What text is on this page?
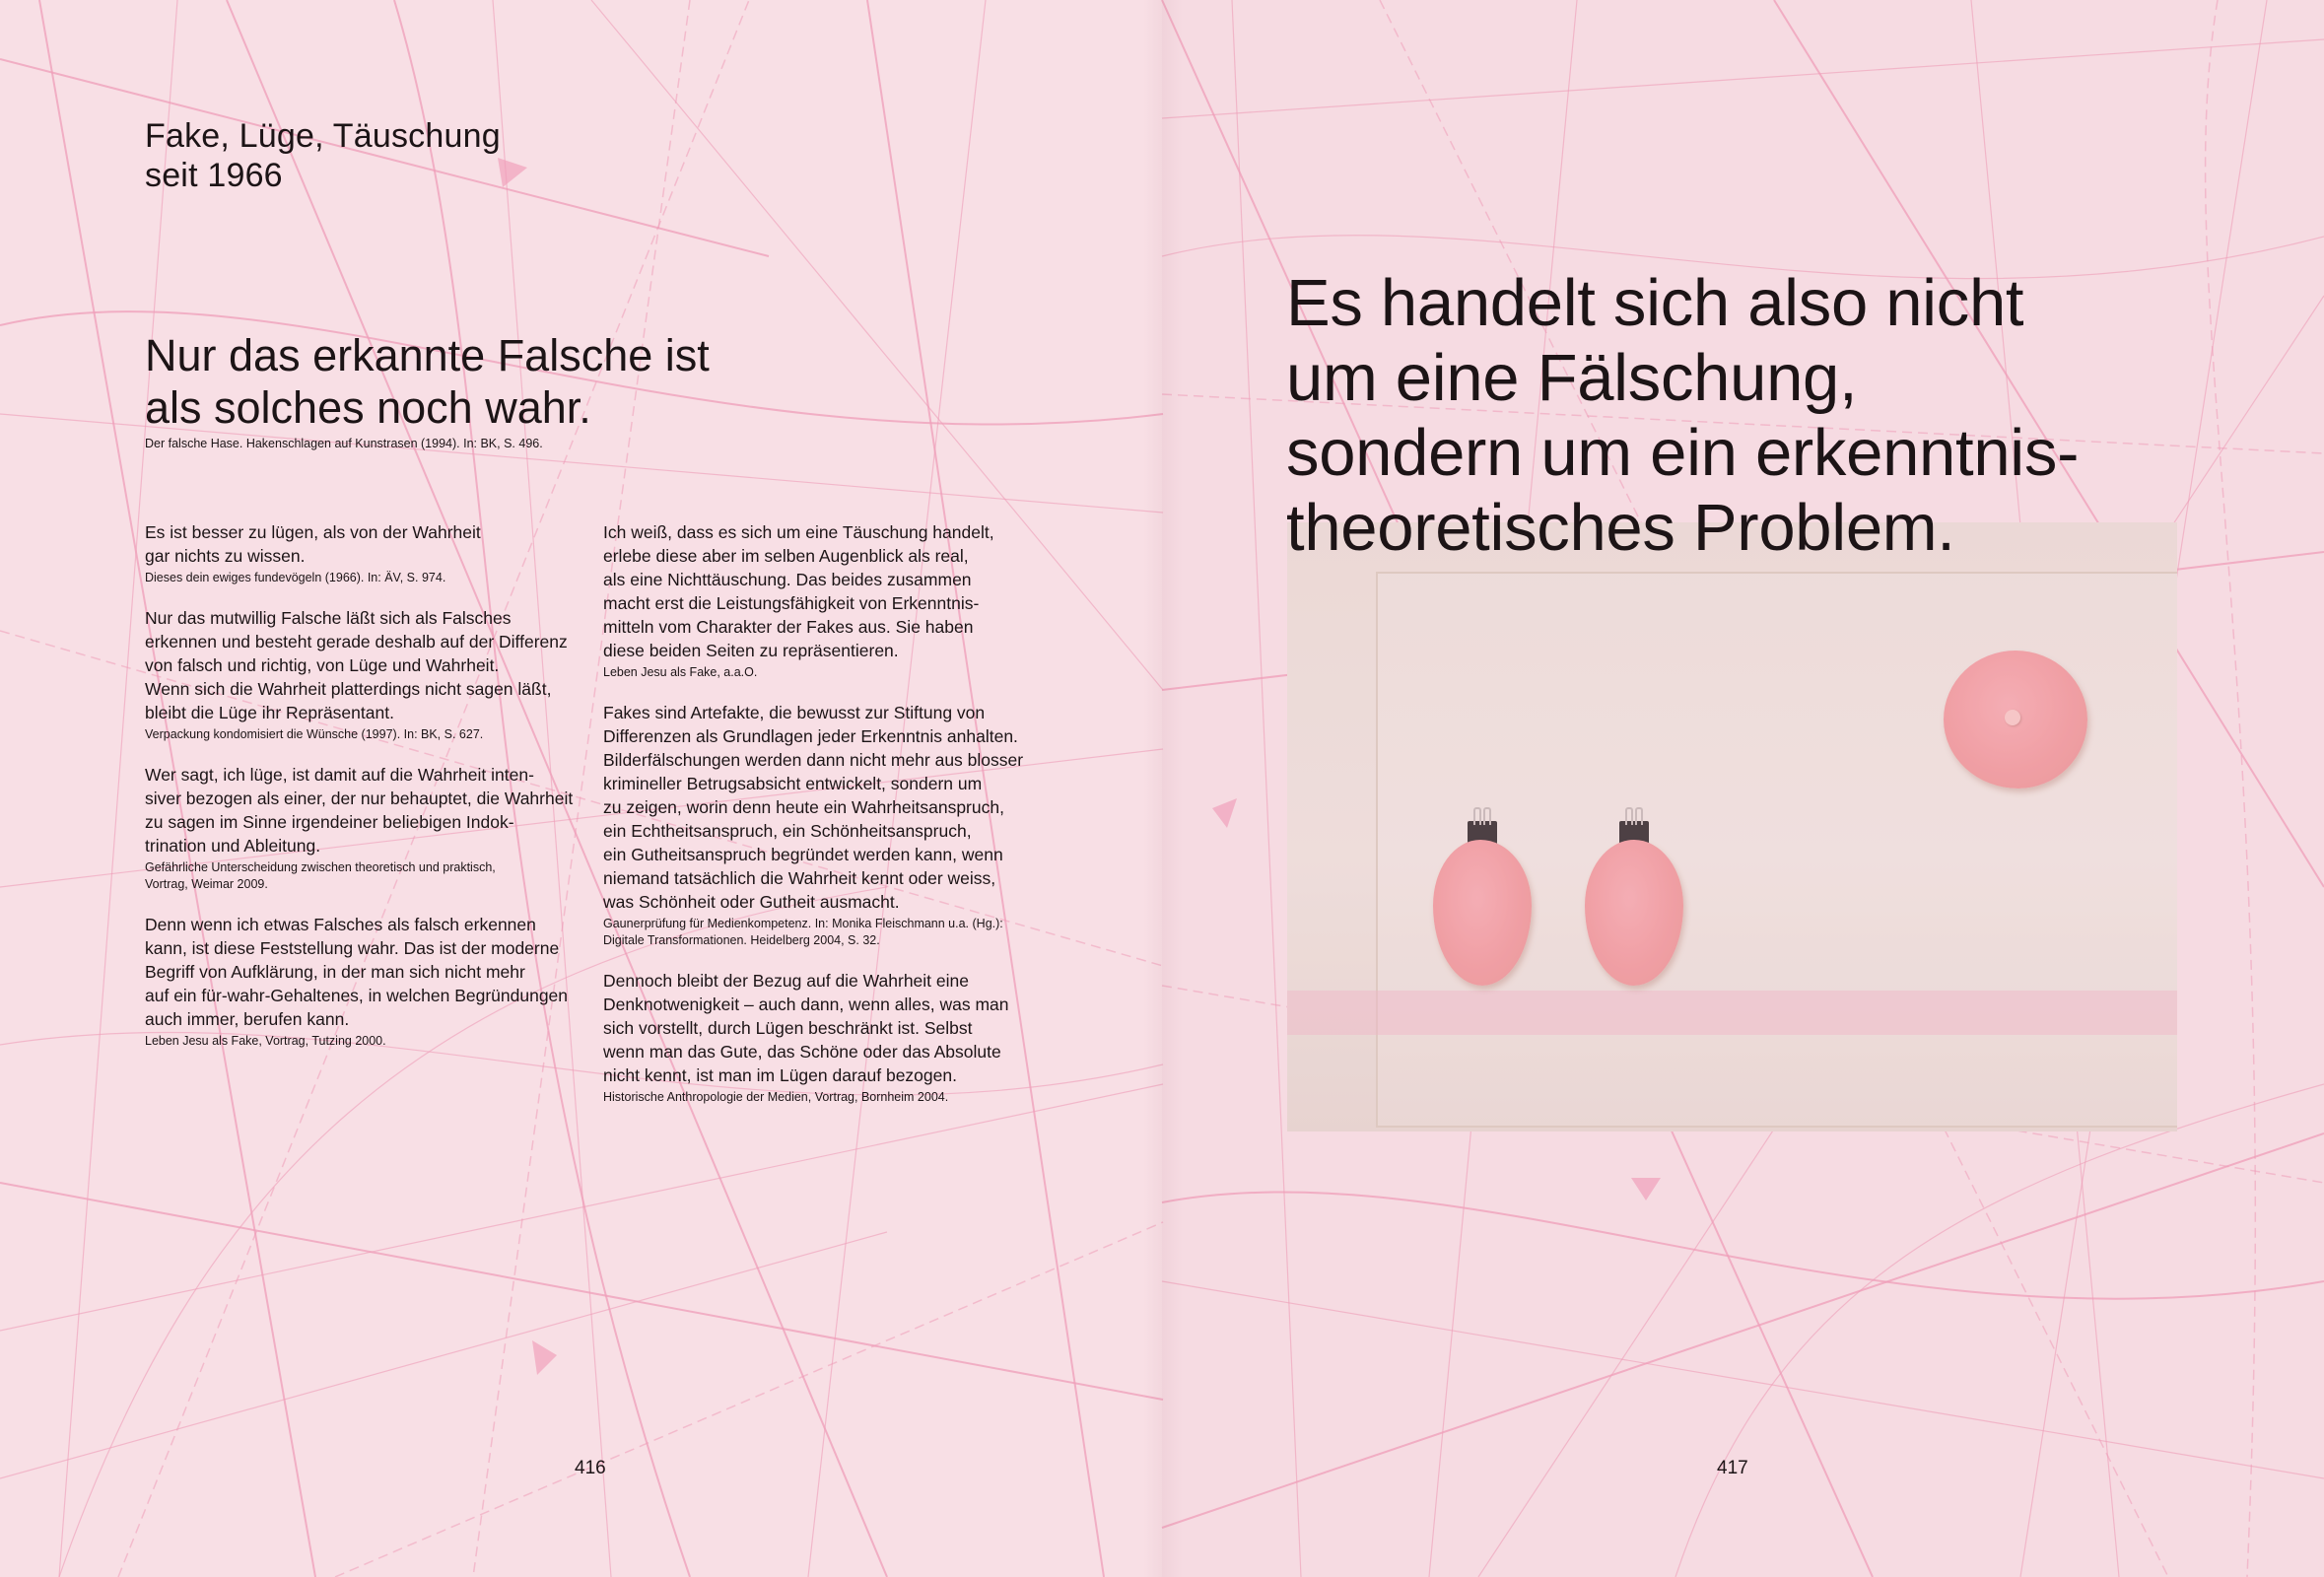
Fake, Lüge, Täuschung
seit 1966
Nur das erkannte Falsche ist
als solches noch wahr.
Der falsche Hase. Hakenschlagen auf Kunstrasen (1994). In: BK, S. 496.
Es ist besser zu lügen, als von der Wahrheit
gar nichts zu wissen.
Dieses dein ewiges fundevögeln (1966). In: ÄV, S. 974.
Nur das mutwillig Falsche läßt sich als Falsches
erkennen und besteht gerade deshalb auf der Differenz
von falsch und richtig, von Lüge und Wahrheit.
Wenn sich die Wahrheit platterdings nicht sagen läßt,
bleibt die Lüge ihr Repräsentant.
Verpackung kondomisiert die Wünsche (1997). In: BK, S. 627.
Wer sagt, ich lüge, ist damit auf die Wahrheit inten-
siver bezogen als einer, der nur behauptet, die Wahrheit
zu sagen im Sinne irgendeiner beliebigen Indok-
trination und Ableitung.
Gefährliche Unterscheidung zwischen theoretisch und praktisch,
Vortrag, Weimar 2009.
Denn wenn ich etwas Falsches als falsch erkennen
kann, ist diese Feststellung wahr. Das ist der moderne
Begriff von Aufklärung, in der man sich nicht mehr
auf ein für-wahr-Gehaltenes, in welchen Begründungen
auch immer, berufen kann.
Leben Jesu als Fake, Vortrag, Tutzing 2000.
Ich weiß, dass es sich um eine Täuschung handelt,
erlebe diese aber im selben Augenblick als real,
als eine Nichttäuschung. Das beides zusammen
macht erst die Leistungsfähigkeit von Erkenntnis-
mitteln vom Charakter der Fakes aus. Sie haben
diese beiden Seiten zu repräsentieren.
Leben Jesu als Fake, a.a.O.
Fakes sind Artefakte, die bewusst zur Stiftung von
Differenzen als Grundlagen jeder Erkenntnis anhalten.
Bilderfälschungen werden dann nicht mehr aus blosser
krimineller Betrugsabsicht entwickelt, sondern um
zu zeigen, worin denn heute ein Wahrheitsanspruch,
ein Echtheitsanspruch, ein Schönheitsanspruch,
ein Gutheitsanspruch begründet werden kann, wenn
niemand tatsächlich die Wahrheit kennt oder weiss,
was Schönheit oder Gutheit ausmacht.
Gaunerprüfung für Medienkompetenz. In: Monika Fleischmann u.a. (Hg.):
Digitale Transformationen. Heidelberg 2004, S. 32.
Dennoch bleibt der Bezug auf die Wahrheit eine
Denknotwenigkeit – auch dann, wenn alles, was man
sich vorstellt, durch Lügen beschränkt ist. Selbst
wenn man das Gute, das Schöne oder das Absolute
nicht kennt, ist man im Lügen darauf bezogen.
Historische Anthropologie der Medien, Vortrag, Bornheim 2004.
416
Es handelt sich also nicht
um eine Fälschung,
sondern um ein erkenntnis-
theoretisches Problem.
417
